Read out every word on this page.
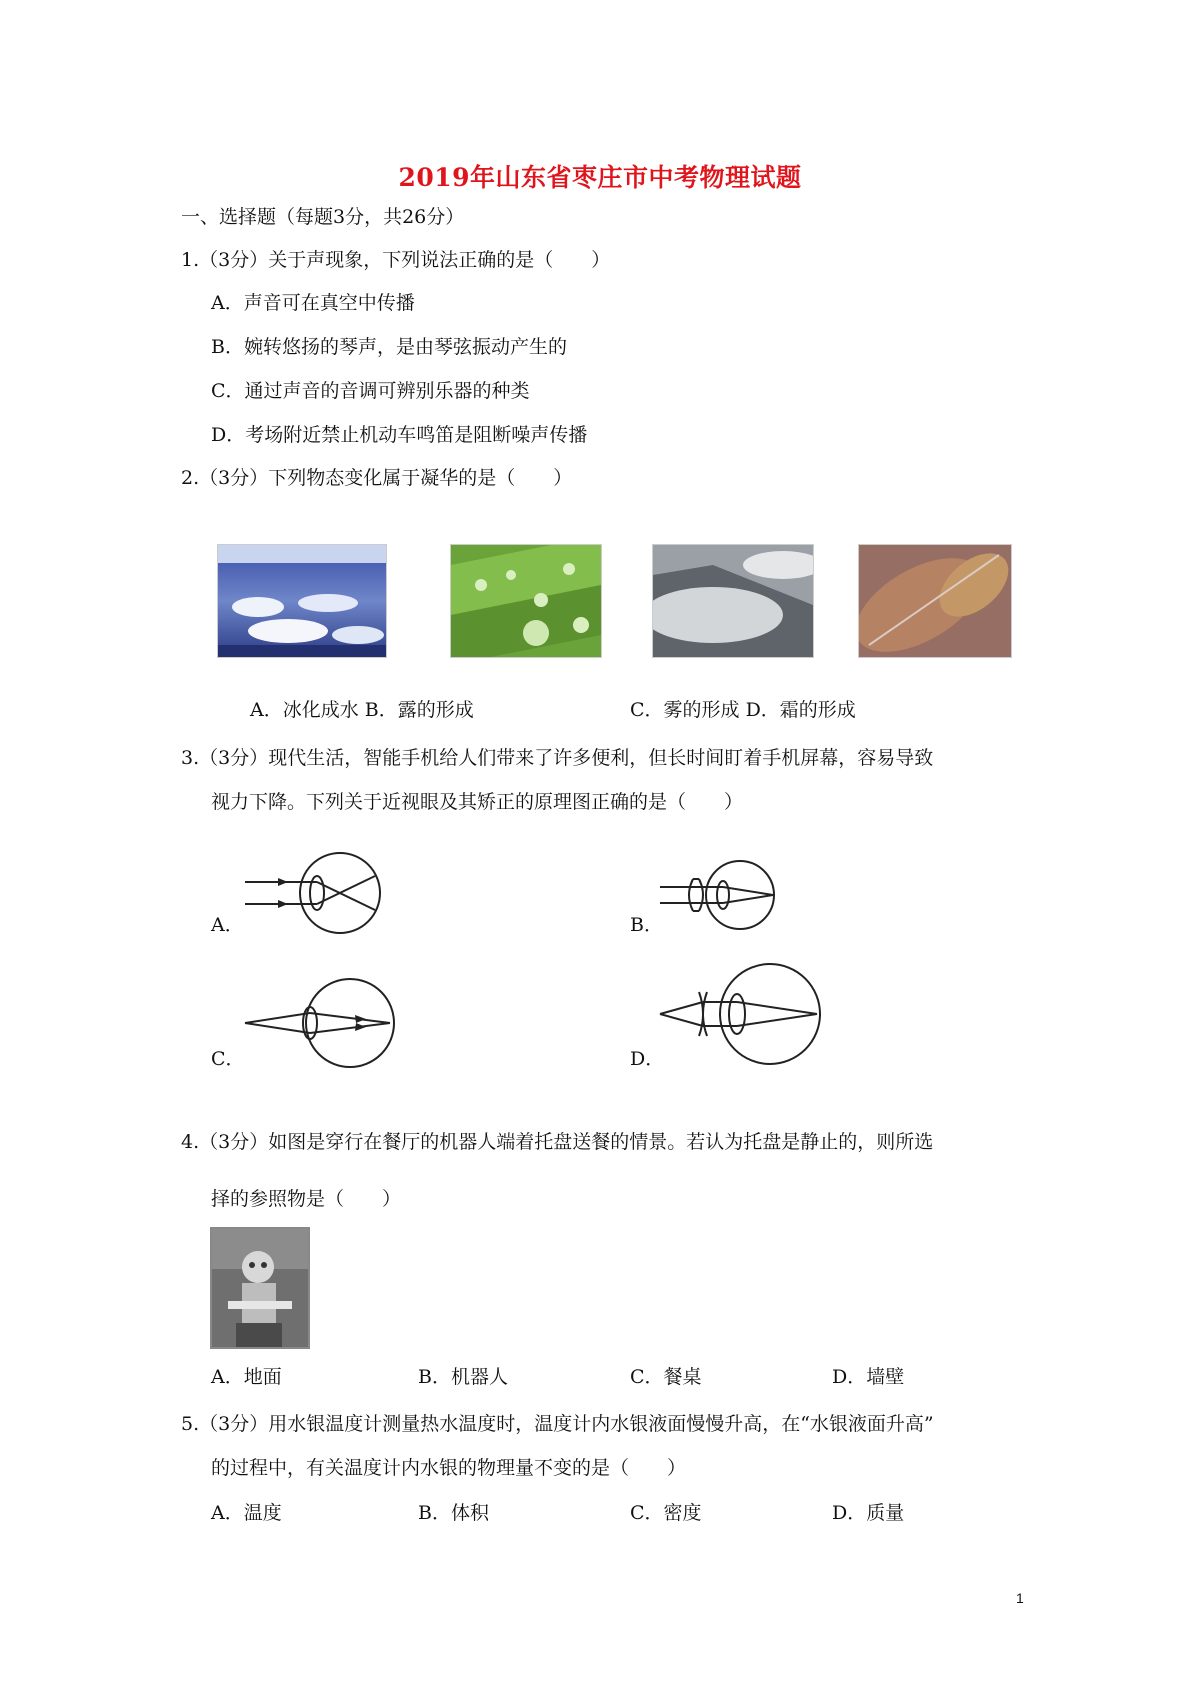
2019年山东省枣庄市中考物理试题
一、选择题（每题3分，共26分）
1.（3分）关于声现象，下列说法正确的是（　　）
A．声音可在真空中传播
B．婉转悠扬的琴声，是由琴弦振动产生的
C．通过声音的音调可辨别乐器的种类
D．考场附近禁止机动车鸣笛是阻断噪声传播
2.（3分）下列物态变化属于凝华的是（　　）
A．冰化成水 B．露的形成	C．雾的形成 D．霜的形成
3.（3分）现代生活，智能手机给人们带来了许多便利，但长时间盯着手机屏幕，容易导致
视力下降。下列关于近视眼及其矫正的原理图正确的是（　　）
A．	B．
C．	D．
4.（3分）如图是穿行在餐厅的机器人端着托盘送餐的情景。若认为托盘是静止的，则所选
择的参照物是（　　）
A．地面	B．机器人	C．餐桌	D．墙壁
5.（3分）用水银温度计测量热水温度时，温度计内水银液面慢慢升高，在“水银液面升高”
的过程中，有关温度计内水银的物理量不变的是（　　）
A．温度	B．体积	C．密度	D．质量
1
